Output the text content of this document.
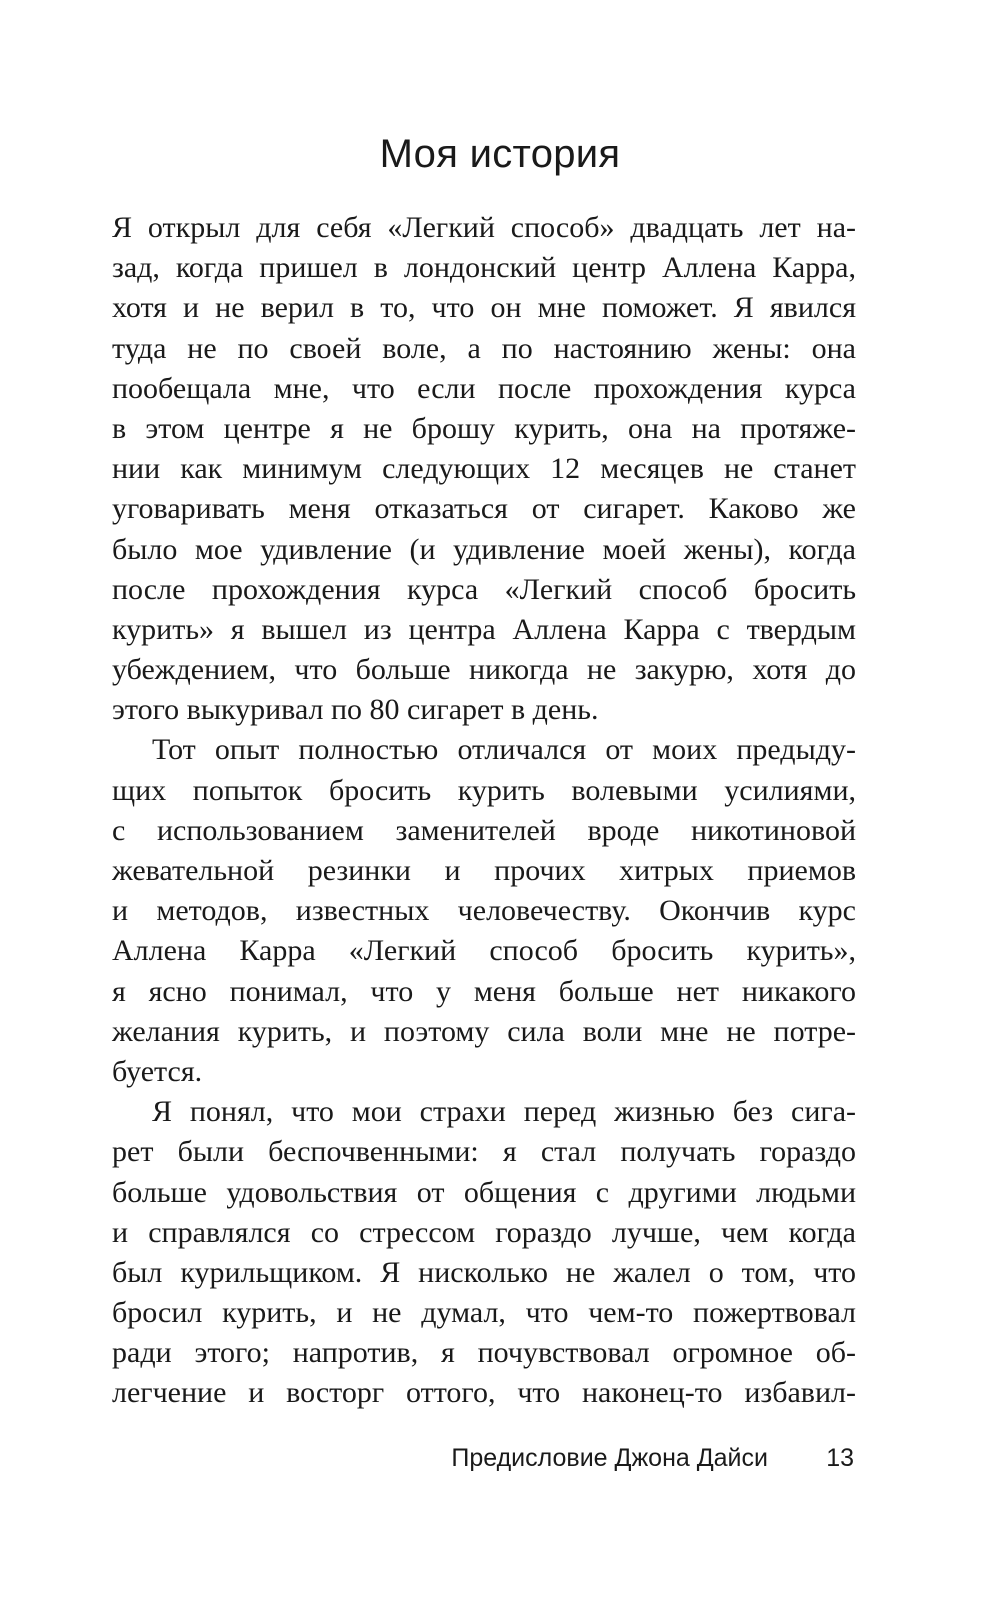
Моя история
Я открыл для себя «Легкий способ» двадцать лет на-
зад, когда пришел в лондонский центр Аллена Карра,
хотя и не верил в то, что он мне поможет. Я явился
туда не по своей воле, а по настоянию жены: она
пообещала мне, что если после прохождения курса
в этом центре я не брошу курить, она на протяже-
нии как минимум следующих 12 месяцев не станет
уговаривать меня отказаться от сигарет. Каково же
было мое удивление (и удивление моей жены), когда
после прохождения курса «Легкий способ бросить
курить» я вышел из центра Аллена Карра с твердым
убеждением, что больше никогда не закурю, хотя до
этого выкуривал по 80 сигарет в день.
Тот опыт полностью отличался от моих предыду-
щих попыток бросить курить волевыми усилиями,
с использованием заменителей вроде никотиновой
жевательной резинки и прочих хитрых приемов
и методов, известных человечеству. Окончив курс
Аллена Карра «Легкий способ бросить курить»,
я ясно понимал, что у меня больше нет никакого
желания курить, и поэтому сила воли мне не потре-
буется.
Я понял, что мои страхи перед жизнью без сига-
рет были беспочвенными: я стал получать гораздо
больше удовольствия от общения с другими людьми
и справлялся со стрессом гораздо лучше, чем когда
был курильщиком. Я нисколько не жалел о том, что
бросил курить, и не думал, что чем-то пожертвовал
ради этого; напротив, я почувствовал огромное об-
легчение и восторг оттого, что наконец-то избавил-
Предисловие Джона Дайси 13
